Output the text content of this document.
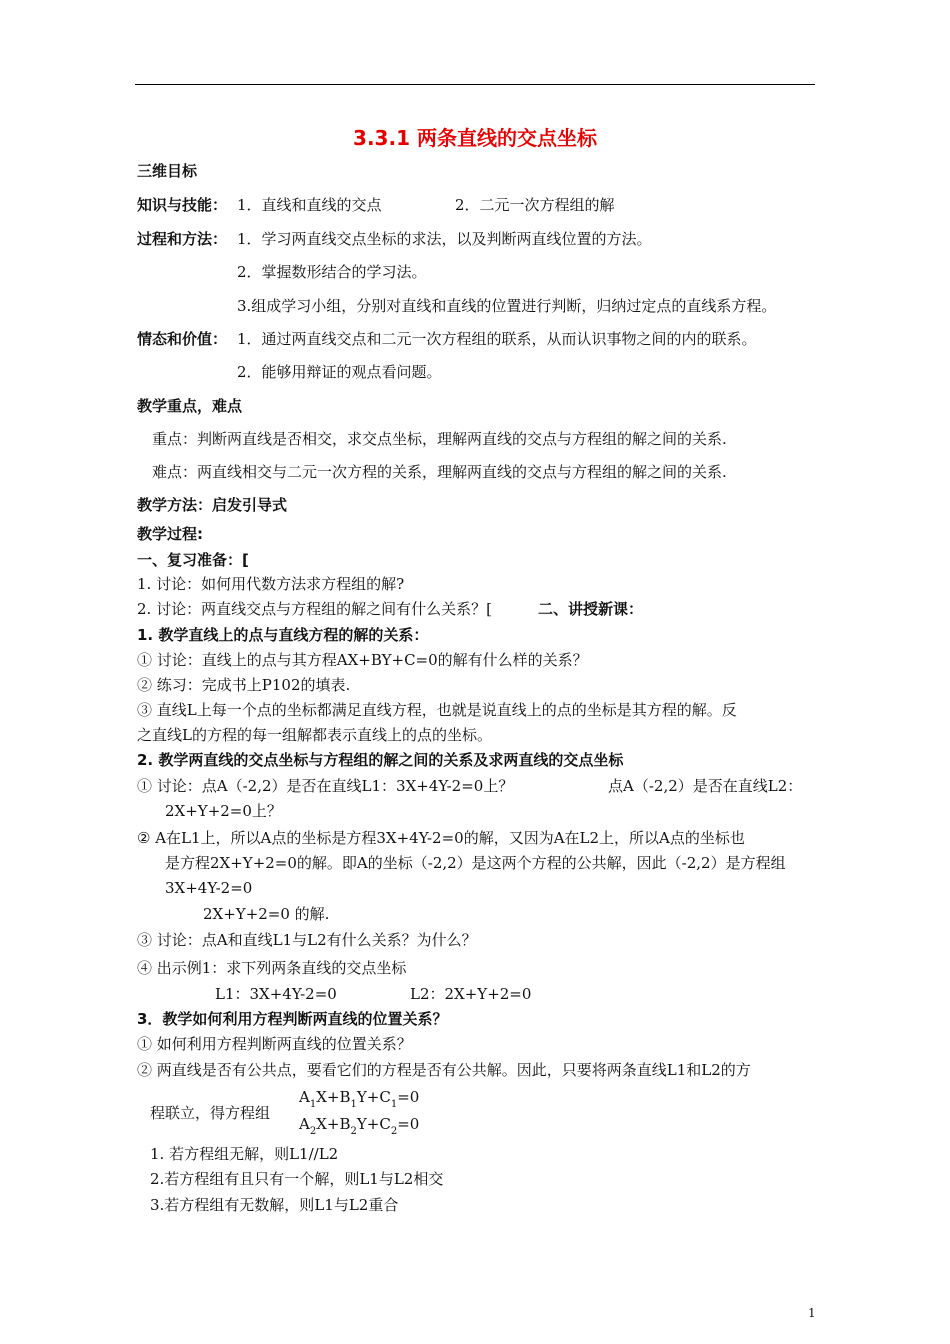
3.3.1 两条直线的交点坐标
三维目标
知识与技能： 1．直线和直线的交点	2．二元一次方程组的解
过程和方法： 1．学习两直线交点坐标的求法，以及判断两直线位置的方法。
2．掌握数形结合的学习法。
3.组成学习小组，分别对直线和直线的位置进行判断，归纳过定点的直线系方程。
情态和价值： 1．通过两直线交点和二元一次方程组的联系，从而认识事物之间的内的联系。
2．能够用辩证的观点看问题。
教学重点，难点
重点：判断两直线是否相交，求交点坐标，理解两直线的交点与方程组的解之间的关系.
难点：两直线相交与二元一次方程的关系，理解两直线的交点与方程组的解之间的关系.
教学方法：启发引导式
教学过程:
一、复习准备：[
1. 讨论：如何用代数方法求方程组的解?
2. 讨论：两直线交点与方程组的解之间有什么关系？[	二、讲授新课：
1. 教学直线上的点与直线方程的解的关系：
① 讨论：直线上的点与其方程AX+BY+C=0的解有什么样的关系？
② 练习：完成书上P102的填表.
③ 直线L上每一个点的坐标都满足直线方程，也就是说直线上的点的坐标是其方程的解。反
之直线L的方程的每一组解都表示直线上的点的坐标。
2. 教学两直线的交点坐标与方程组的解之间的关系及求两直线的交点坐标
① 讨论：点A（-2,2）是否在直线L1：3X+4Y-2=0上？	点A（-2,2）是否在直线L2：
2X+Y+2=0上？
② A在L1上，所以A点的坐标是方程3X+4Y-2=0的解，又因为A在L2上，所以A点的坐标也
是方程2X+Y+2=0的解。即A的坐标（-2,2）是这两个方程的公共解，因此（-2,2）是方程组
3X+4Y-2=0
2X+Y+2=0 的解.
③ 讨论：点A和直线L1与L2有什么关系？为什么？
④ 出示例1：求下列两条直线的交点坐标
L1：3X+4Y-2=0	L2：2X+Y+2=0
3．教学如何利用方程判断两直线的位置关系？
① 如何利用方程判断两直线的位置关系？
② 两直线是否有公共点，要看它们的方程是否有公共解。因此，只要将两条直线L1和L2的方
程联立，得方程组
$A_1X+B_1Y+C_1=0$
$A_2X+B_2Y+C_2=0$
1. 若方程组无解，则L1//L2
2.若方程组有且只有一个解，则L1与L2相交
3.若方程组有无数解，则L1与L2重合
1
